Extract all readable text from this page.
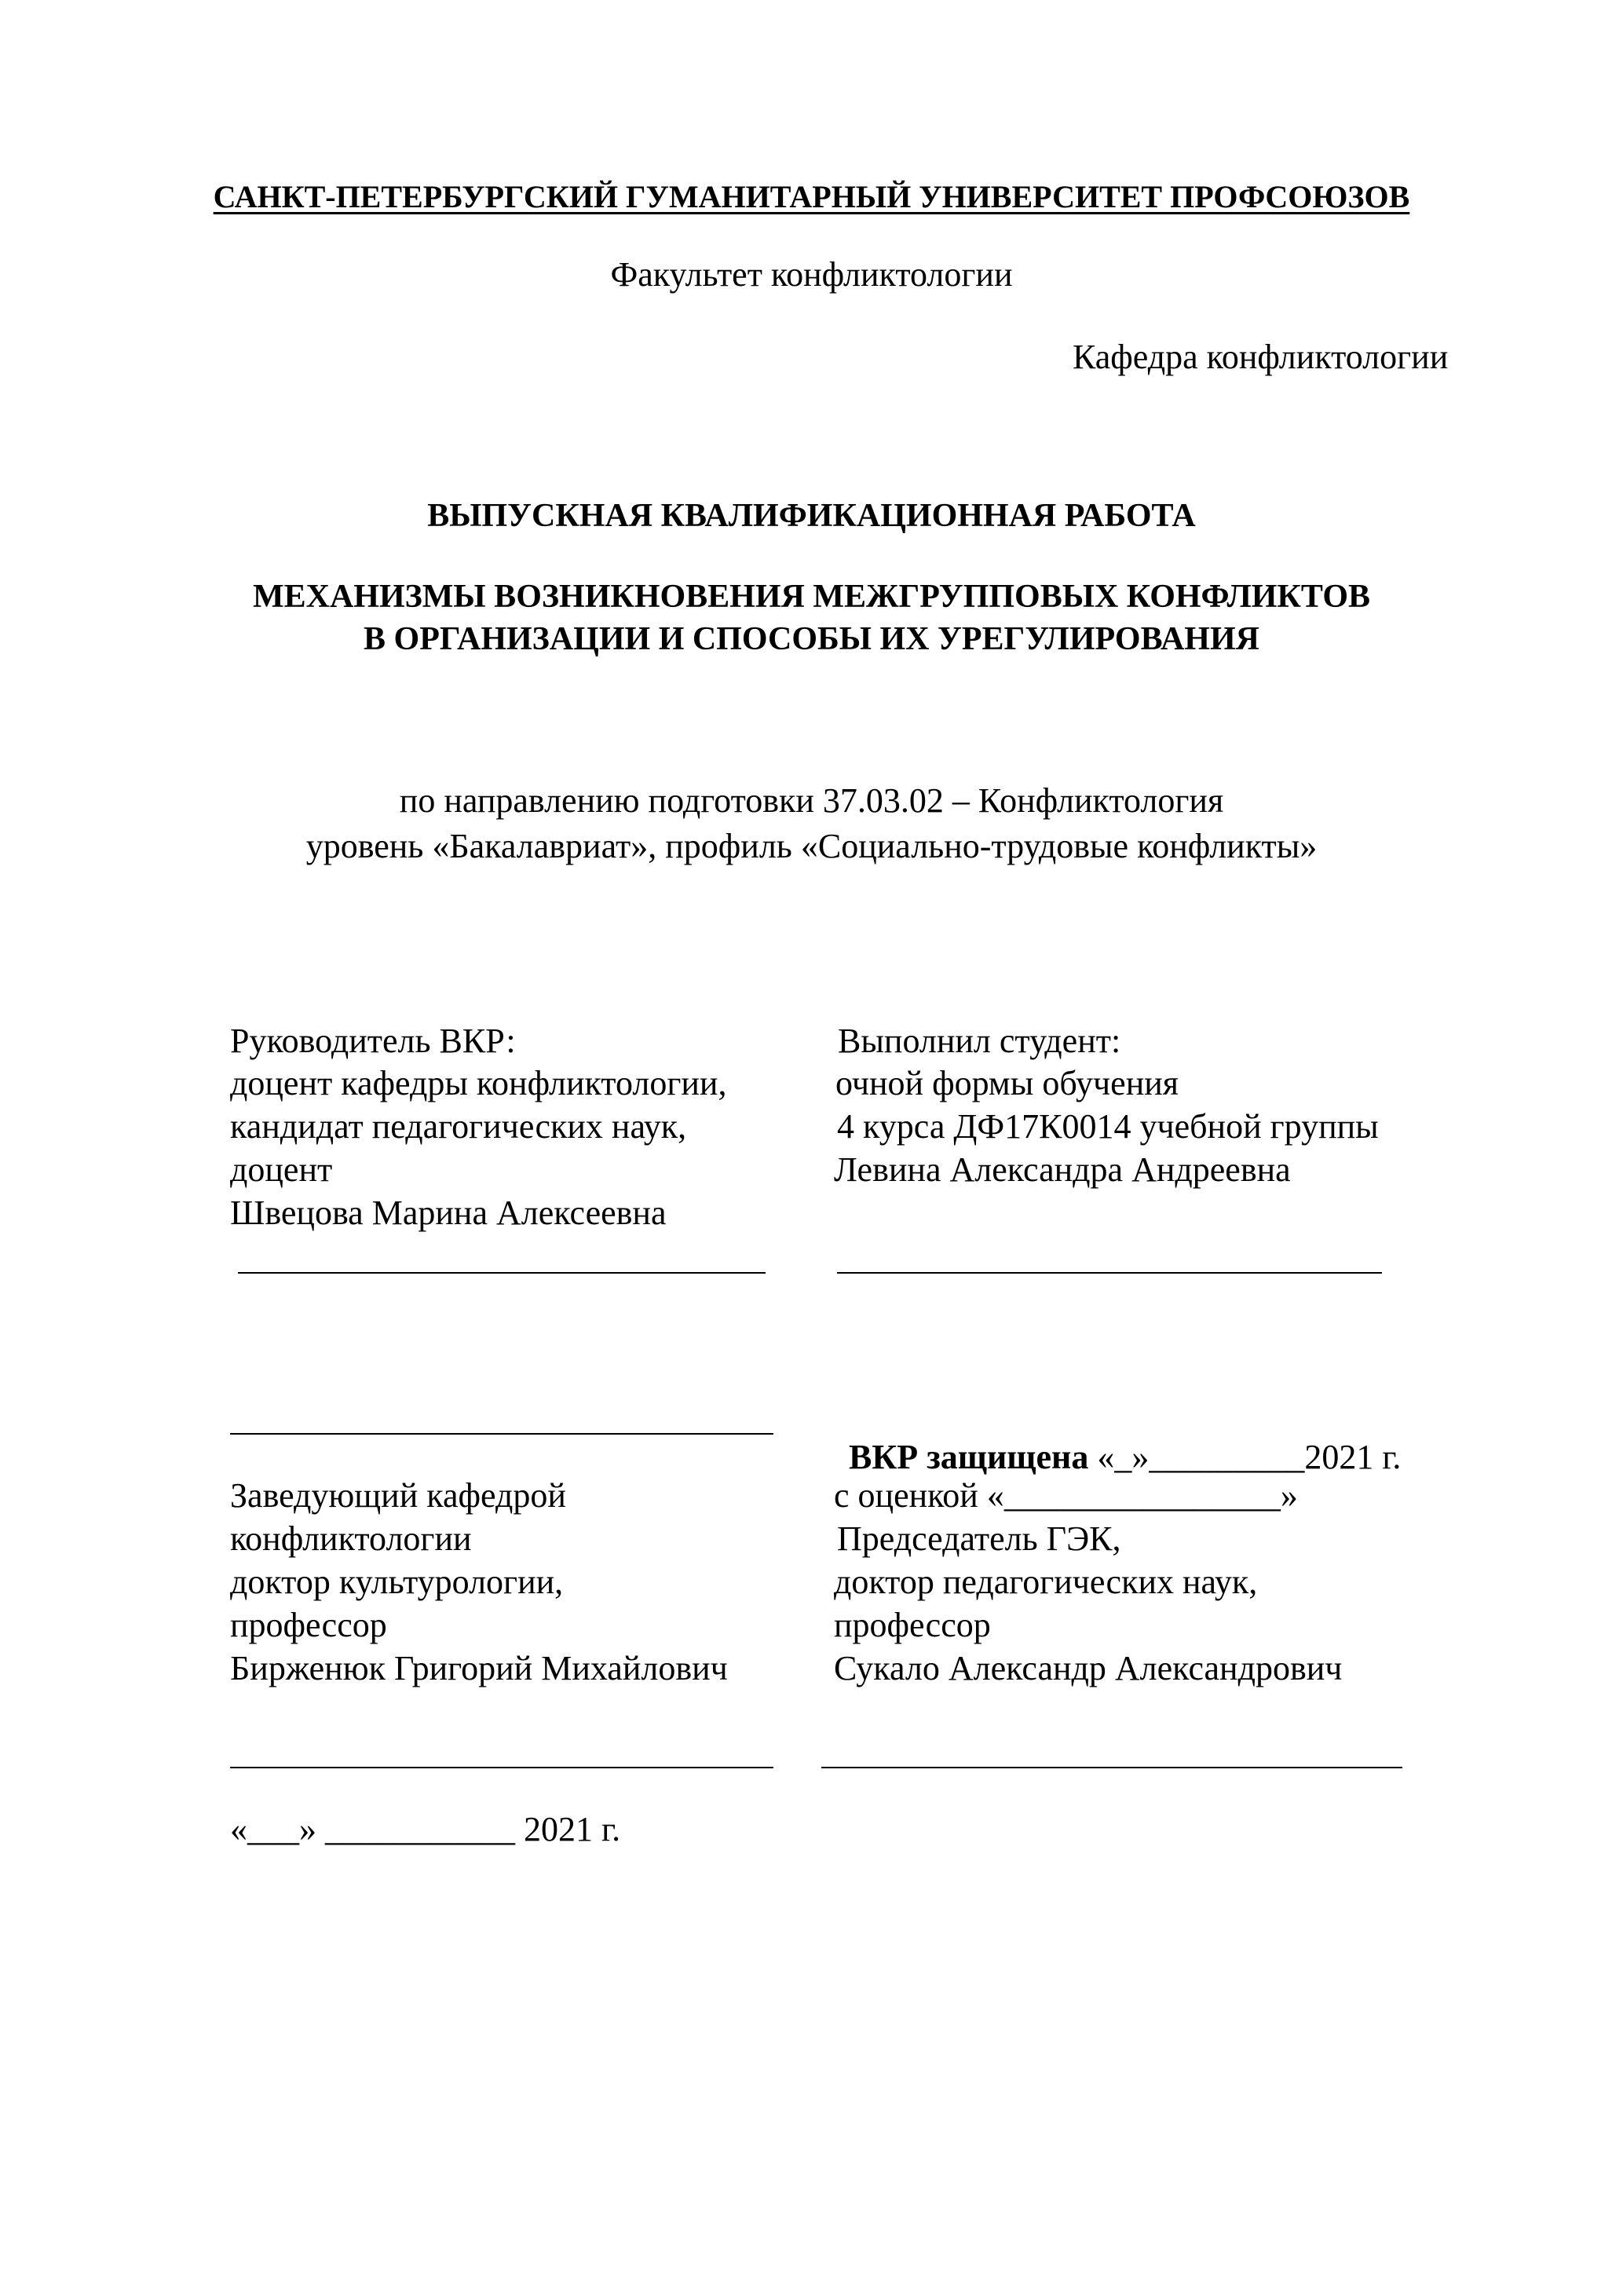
САНКТ-ПЕТЕРБУРГСКИЙ ГУМАНИТАРНЫЙ УНИВЕРСИТЕТ ПРОФСОЮЗОВ
Факультет конфликтологии
Кафедра конфликтологии
ВЫПУСКНАЯ КВАЛИФИКАЦИОННАЯ РАБОТА
МЕХАНИЗМЫ ВОЗНИКНОВЕНИЯ МЕЖГРУППОВЫХ КОНФЛИКТОВ
В ОРГАНИЗАЦИИ И СПОСОБЫ ИХ УРЕГУЛИРОВАНИЯ
по направлению подготовки 37.03.02 – Конфликтология
уровень «Бакалавриат», профиль «Социально-трудовые конфликты»
Руководитель ВКР:
доцент кафедры конфликтологии,
кандидат педагогических наук,
доцент
Швецова Марина Алексеевна
Выполнил студент:
очной формы обучения
4 курса ДФ17К0014 учебной группы
Левина Александра Андреевна

ВКР защищена «_»_________2021 г.

Заведующий кафедрой
конфликтологии
доктор культурологии,
профессор
Бирженюк Григорий Михайлович
с оценкой «________________»
Председатель ГЭК,
доктор педагогических наук,
профессор
Сукало Александр Александрович
«___» ___________ 2021 г.
